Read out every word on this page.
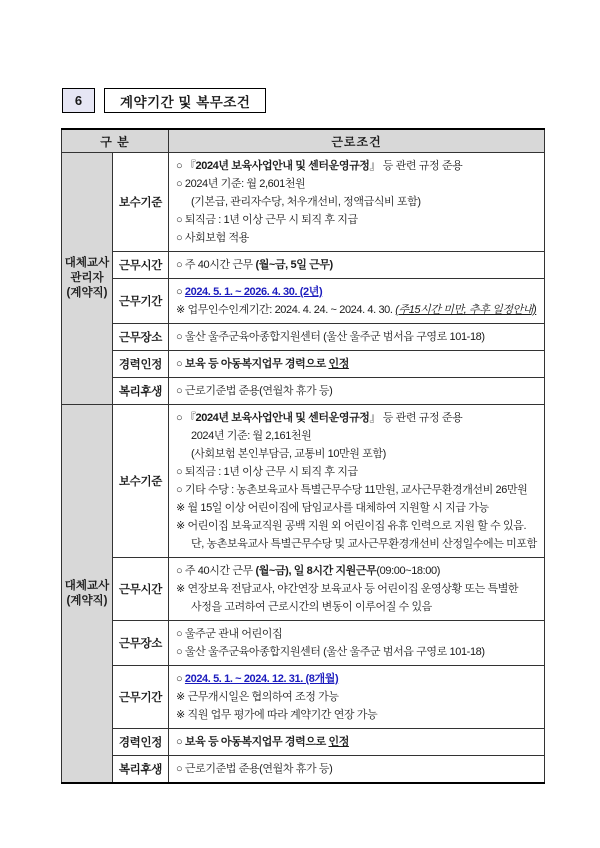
6	계약기간 및 복무조건
구 분		근로조건
대체교사
관리자
(계약직)	보수기준	
○ 『2024년 보육사업안내 및 센터운영규정』 등 관련 규정 준용
○ 2024년 기준: 월 2,601천원
(기본급, 관리자수당, 처우개선비, 정액급식비 포함)
○ 퇴직금 : 1년 이상 근무 시 퇴직 후 지급
○ 사회보험 적용

	근무시간	○ 주 40시간 근무 (월~금, 5일 근무)

	근무기간	○ 2024. 5. 1. ~ 2026. 4. 30. (2년)
※ 업무인수인계기간: 2024. 4. 24. ~ 2024. 4. 30. (주15시간 미만, 추후 일정안내)

	근무장소	○ 울산 울주군육아종합지원센터 (울산 울주군 범서읍 구영로 101-18)

	경력인정	○ 보육 등 아동복지업무 경력으로 인정

	복리후생	○ 근로기준법 준용(연월차 휴가 등)

대체교사
(계약직)	보수기준	
○ 『2024년 보육사업안내 및 센터운영규정』 등 관련 규정 준용
2024년 기준: 월 2,161천원
(사회보험 본인부담금, 교통비 10만원 포함)
○ 퇴직금 : 1년 이상 근무 시 퇴직 후 지급
○ 기타 수당 : 농촌보육교사 특별근무수당 11만원, 교사근무환경개선비 26만원
※ 월 15일 이상 어린이집에 담임교사를 대체하여 지원할 시 지급 가능
※ 어린이집 보육교직원 공백 지원 외 어린이집 유휴 인력으로 지원 할 수 있음.
단, 농촌보육교사 특별근무수당 및 교사근무환경개선비 산정일수에는 미포함

	근무시간	○ 주 40시간 근무 (월~금), 일 8시간 지원근무(09:00~18:00)
※ 연장보육 전담교사, 야간연장 보육교사 등 어린이집 운영상황 또는 특별한
사정을 고려하여 근로시간의 변동이 이루어질 수 있음

	근무장소	○ 울주군 관내 어린이집
○ 울산 울주군육아종합지원센터 (울산 울주군 범서읍 구영로 101-18)

	근무기간	○ 2024. 5. 1. ~ 2024. 12. 31. (8개월)
※ 근무개시일은 협의하여 조정 가능
※ 직원 업무 평가에 따라 계약기간 연장 가능

	경력인정	○ 보육 등 아동복지업무 경력으로 인정

	복리후생	○ 근로기준법 준용(연월차 휴가 등)
